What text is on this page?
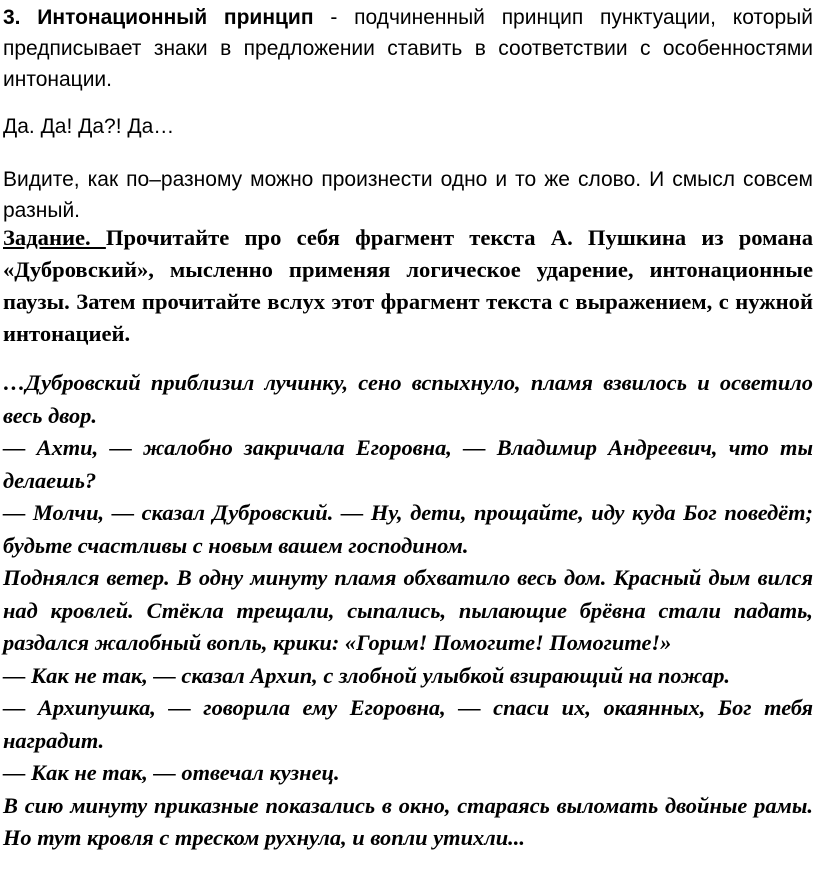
3. Интонационный принцип - подчиненный принцип пунктуации, который предписывает знаки в предложении ставить в соответствии с особенностями интонации.

Да. Да! Да?! Да…

Видите, как по–разному можно произнести одно и то же слово. И смысл совсем разный.

Задание. Прочитайте про себя фрагмент текста А. Пушкина из романа «Дубровский», мысленно применяя логическое ударение, интонационные паузы. Затем прочитайте вслух этот фрагмент текста с выражением, с нужной интонацией.

…Дубровский приблизил лучинку, сено вспыхнуло, пламя взвилось и осветило весь двор.
— Ахти, — жалобно закричала Егоровна, — Владимир Андреевич, что ты делаешь?
— Молчи, — сказал Дубровский. — Ну, дети, прощайте, иду куда Бог поведёт; будьте счастливы с новым вашем господином.
Поднялся ветер. В одну минуту пламя обхватило весь дом. Красный дым вился над кровлей. Стёкла трещали, сыпались, пылающие брёвна стали падать, раздался жалобный вопль, крики: «Горим! Помогите! Помогите!»
— Как не так, — сказал Архип, с злобной улыбкой взирающий на пожар.
— Архипушка, — говорила ему Егоровна, — спаси их, окаянных, Бог тебя наградит.
— Как не так, — отвечал кузнец.
В сию минуту приказные показались в окно, стараясь выломать двойные рамы. Но тут кровля с треском рухнула, и вопли утихли...
